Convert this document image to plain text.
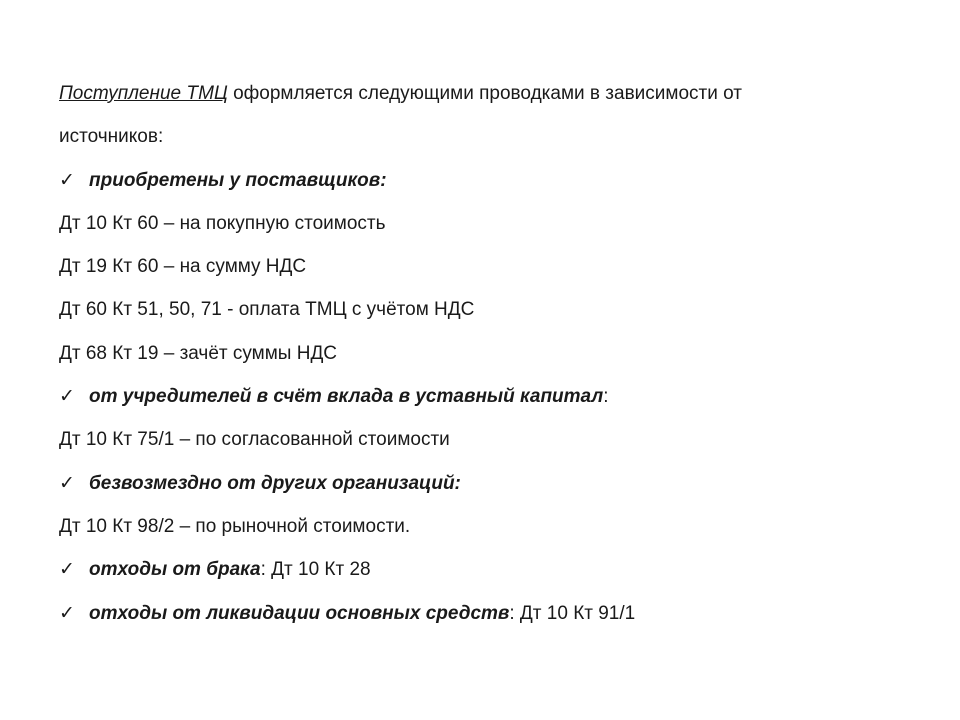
Поступление ТМЦ оформляется следующими проводками в зависимости от
источников:
✓ приобретены у поставщиков:
Дт 10 Кт 60 – на покупную стоимость
Дт 19 Кт 60 – на сумму НДС
Дт 60 Кт 51, 50, 71 - оплата ТМЦ с учётом НДС
Дт 68 Кт 19 – зачёт суммы НДС
✓ от учредителей в счёт вклада в уставный капитал:
Дт 10 Кт 75/1 – по согласованной стоимости
✓ безвозмездно от других организаций:
Дт 10 Кт 98/2 – по рыночной стоимости.
✓ отходы от брака: Дт 10 Кт 28
✓ отходы от ликвидации основных средств: Дт 10 Кт 91/1
